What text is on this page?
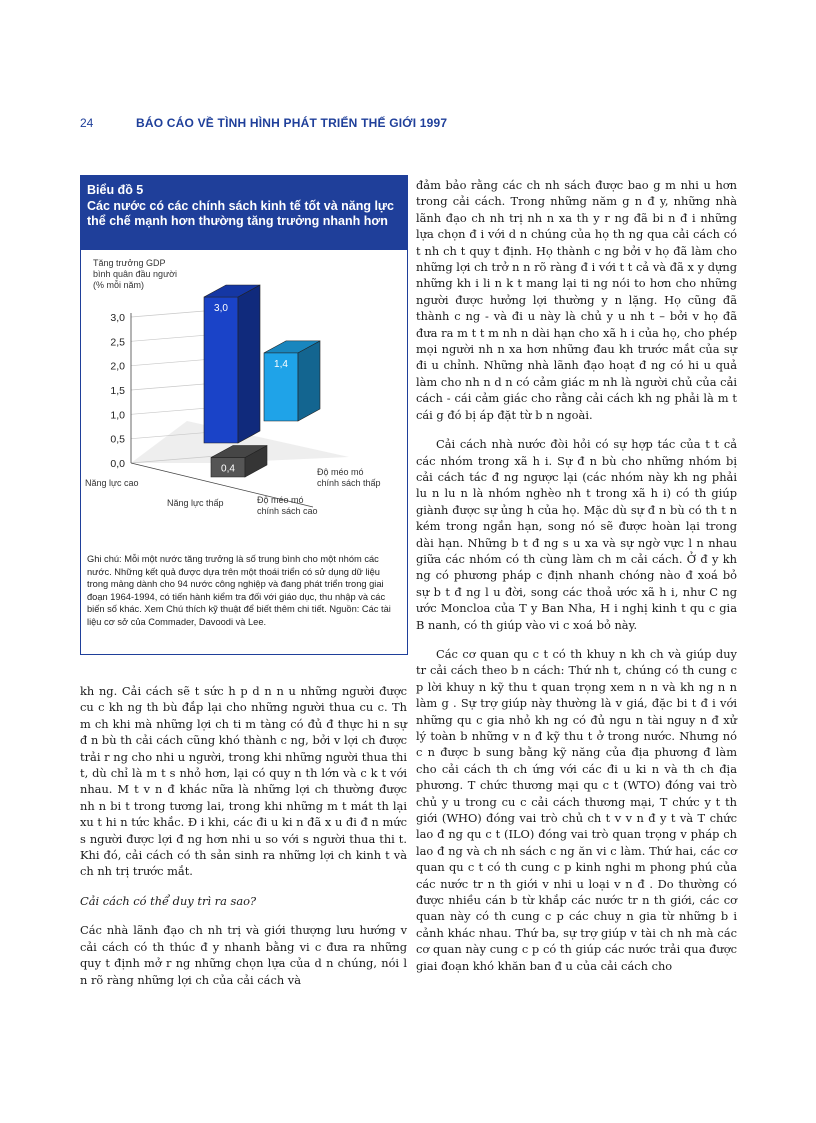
24	BÁO CÁO VỀ TÌNH HÌNH PHÁT TRIỂN THẾ GIỚI 1997
Biểu đồ 5
Các nước có các chính sách kinh tế tốt và năng lực thể chế mạnh hơn thường tăng trưởng nhanh hơn
0,0
0,5
1,0
1,5
2,0
2,5
3,0
1,4
3,0
0,4
Tăng trưởng GDP
bình quân đầu người
(% mỗi năm)
Năng lực cao
Năng lực thấp
Độ méo mó
chính sách thấp
Độ méo mó
chính sách cao
Ghi chú: Mỗi một nước tăng trưởng là số trung bình cho một nhóm các nước. Những kết quả được dựa trên một thoái triển có sử dụng dữ liệu trong mảng dành cho 94 nước công nghiệp và đang phát triển trong giai đoạn 1964-1994, có tiến hành kiểm tra đối với giáo dục, thu nhập và các biến số khác. Xem Chú thích kỹ thuật để biết thêm chi tiết. Nguồn: Các tài liệu cơ sở của Commader, Davoodi và Lee.

kh ng. Cải cách sẽ t sức h p d n n u những người được cu c kh ng th bù đắp lại cho những người thua cu c. Th m ch khi mà những lợi ch ti m tàng có đủ đ thực hi n sự đ n bù th cải cách cũng khó thành c ng, bởi v lợi ch được trải r ng cho nhi u người, trong khi những người thua thi t, dù chỉ là m t s nhỏ hơn, lại có quy n th lớn và c k t với nhau. M t v n đ khác nữa là những lợi ch thường được nh n bi t trong tương lai, trong khi những m t mát th lại xu t hi n tức khắc. Đ i khi, các đi u ki n đã x u đi đ n mức s người được lợi đ ng hơn nhi u so với s người thua thi t. Khi đó, cải cách có th sản sinh ra những lợi ch kinh t và ch nh trị trước mắt.

Cải cách có thể duy trì ra sao?

Các nhà lãnh đạo ch nh trị và giới thượng lưu hướng v cải cách có th thúc đ y nhanh bằng vi c đưa ra những quy t định mở r ng những chọn lựa của d n chúng, nói l n rõ ràng những lợi ch của cải cách và

đảm bảo rằng các ch nh sách được bao g m nhi u hơn trong cải cách. Trong những năm g n đ y, những nhà lãnh đạo ch nh trị nh n xa th y r ng đã bi n đ i những lựa chọn đ i với d n chúng của họ th ng qua cải cách có t nh ch t quy t định. Họ thành c ng bởi v họ đã làm cho những lợi ch trở n n rõ ràng đ i với t t cả và đã x y dựng những kh i li n k t mang lại ti ng nói to hơn cho những người được hưởng lợi thường y n lặng. Họ cũng đã thành c ng - và đi u này là chủ y u nh t – bởi v họ đã đưa ra m t t m nh n dài hạn cho xã h i của họ, cho phép mọi người nh n xa hơn những đau kh trước mắt của sự đi u chỉnh. Những nhà lãnh đạo hoạt đ ng có hi u quả làm cho nh n d n có cảm giác m nh là người chủ của cải cách - cái cảm giác cho rằng cải cách kh ng phải là m t cái g đó bị áp đặt từ b n ngoài.

Cải cách nhà nước đòi hỏi có sự hợp tác của t t cả các nhóm trong xã h i. Sự đ n bù cho những nhóm bị cải cách tác đ ng ngược lại (các nhóm này kh ng phải lu n lu n là nhóm nghèo nh t trong xã h i) có th giúp giành được sự ủng h của họ. Mặc dù sự đ n bù có th t n kém trong ngắn hạn, song nó sẽ được hoàn lại trong dài hạn. Những b t đ ng s u xa và sự ngờ vực l n nhau giữa các nhóm có th cùng làm ch m cải cách. Ở đ y kh ng có phương pháp c định nhanh chóng nào đ xoá bỏ sự b t đ ng l u đời, song các thoả ước xã h i, như C ng ước Moncloa của T y Ban Nha, H i nghị kinh t qu c gia B nanh, có th giúp vào vi c xoá bỏ này.

Các cơ quan qu c t có th khuy n kh ch và giúp duy tr cải cách theo b n cách: Thứ nh t, chúng có th cung c p lời khuy n kỹ thu t quan trọng xem n n và kh ng n n làm g . Sự trợ giúp này thường là v giá, đặc bi t đ i với những qu c gia nhỏ kh ng có đủ ngu n tài nguy n đ xử lý toàn b những v n đ kỹ thu t ở trong nước. Nhưng nó c n được b sung bằng kỹ năng của địa phương đ làm cho cải cách th ch ứng với các đi u ki n và th ch địa phương. T chức thương mại qu c t (WTO) đóng vai trò chủ y u trong cu c cải cách thương mại, T chức y t th giới (WHO) đóng vai trò chủ ch t v v n đ y t và T chức lao đ ng qu c t (ILO) đóng vai trò quan trọng v pháp ch lao đ ng và ch nh sách c ng ăn vi c làm. Thứ hai, các cơ quan qu c t có th cung c p kinh nghi m phong phú của các nước tr n th giới v nhi u loại v n đ . Do thường có được nhiều cán b từ khắp các nước tr n th giới, các cơ quan này có th cung c p các chuy n gia từ những b i cảnh khác nhau. Thứ ba, sự trợ giúp v tài ch nh mà các cơ quan này cung c p có th giúp các nước trải qua được giai đoạn khó khăn ban đ u của cải cách cho
